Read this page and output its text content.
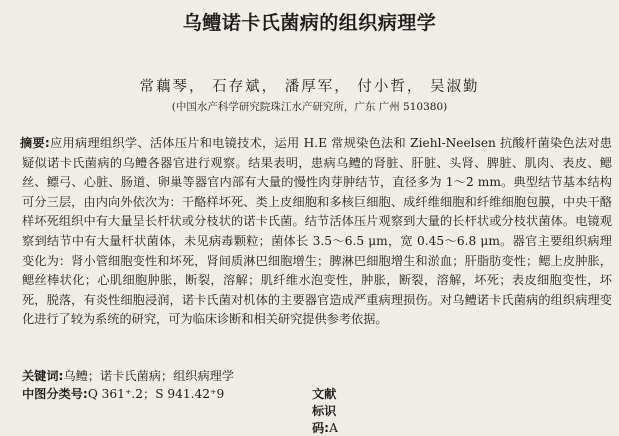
乌鳢诺卡氏菌病的组织病理学

常藕琴， 石存斌， 潘厚军， 付小哲， 吴淑勤

(中国水产科学研究院珠江水产研究所，广东 广州 510380)

摘要:应用病理组织学、活体压片和电镜技术，运用 H.E 常规染色法和 Ziehl-Neelsen 抗酸杆菌染色法对患疑似诺卡氏菌病的乌鳢各器官进行观察。结果表明，患病乌鳢的肾脏、肝脏、头肾、脾脏、肌肉、表皮、鳃丝、鳔弓、心脏、肠道、卵巢等器官内部有大量的慢性肉芽肿结节，直径多为 1～2 mm。典型结节基本结构可分三层，由内向外依次为：干酪样坏死、类上皮细胞和多核巨细胞、成纤维细胞和纤维细胞包膜，中央干酪样坏死组织中有大量呈长杆状或分枝状的诺卡氏菌。结节活体压片观察到大量的长杆状或分枝状菌体。电镜观察到结节中有大量杆状菌体，未见病毒颗粒；菌体长 3.5～6.5 μm，宽 0.45～6.8 μm。器官主要组织病理变化为：肾小管细胞变性和坏死，肾间质淋巴细胞增生；脾淋巴细胞增生和淤血；肝脂肪变性；鳃上皮肿胀，鳃丝棒状化；心肌细胞肿胀，断裂，溶解；肌纤维水泡变性，肿胀，断裂，溶解，坏死；表皮细胞变性，坏死，脱落，有炎性细胞浸润，诺卡氏菌对机体的主要器官造成严重病理损伤。对乌鳢诺卡氏菌病的组织病理变化进行了较为系统的研究，可为临床诊断和相关研究提供参考依据。

关键词:乌鳢；诺卡氏菌病；组织病理学

中图分类号:Q 361⁺.2；S 941.42⁺9	文献标识码:A
